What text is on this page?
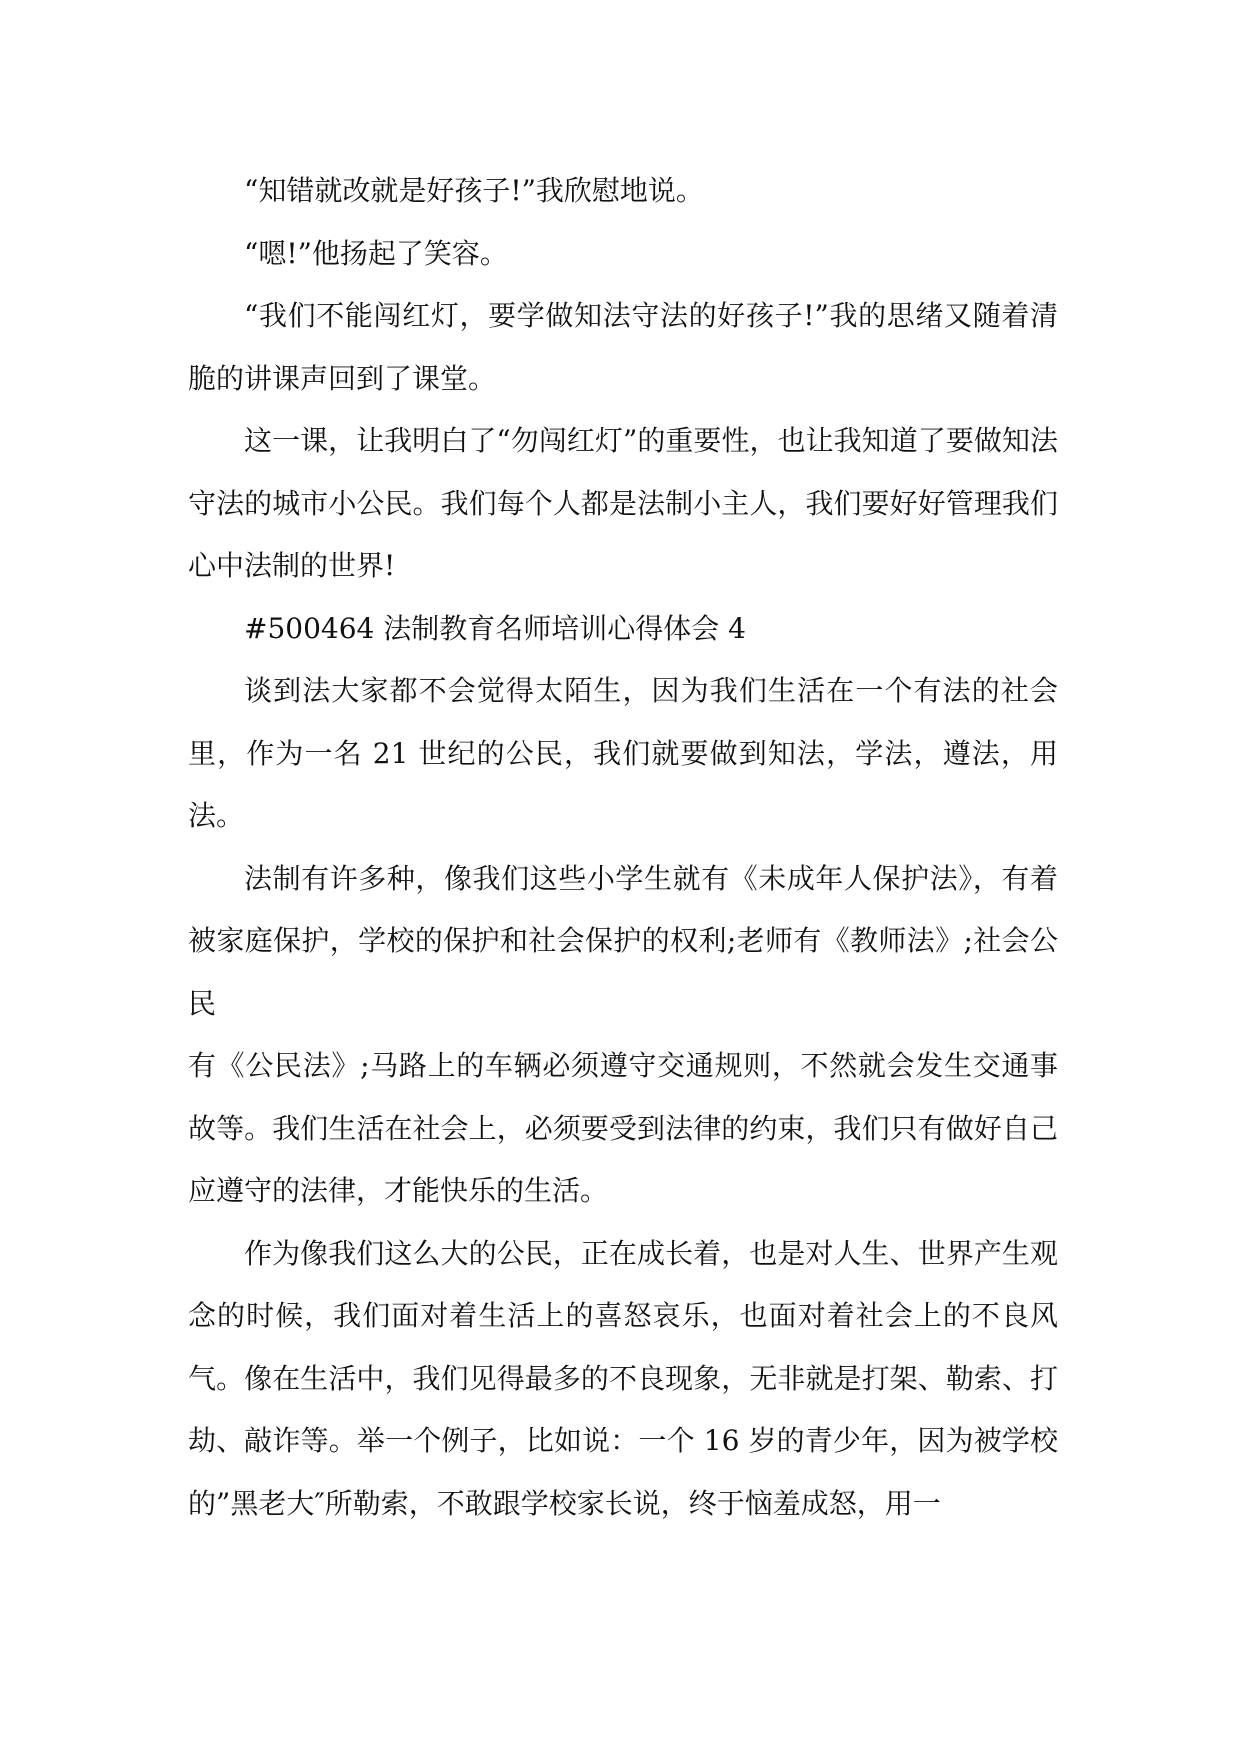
“知错就改就是好孩子!”我欣慰地说。

“嗯!”他扬起了笑容。

“我们不能闯红灯，要学做知法守法的好孩子!”我的思绪又随着清脆的讲课声回到了课堂。

这一课，让我明白了“勿闯红灯”的重要性，也让我知道了要做知法守法的城市小公民。我们每个人都是法制小主人，我们要好好管理我们心中法制的世界!

#500464 法制教育名师培训心得体会 4

谈到法大家都不会觉得太陌生，因为我们生活在一个有法的社会里，作为一名 21 世纪的公民，我们就要做到知法，学法，遵法，用法。

法制有许多种，像我们这些小学生就有《未成年人保护法》，有着被家庭保护，学校的保护和社会保护的权利;老师有《教师法》;社会公民

有《公民法》;马路上的车辆必须遵守交通规则，不然就会发生交通事故等。我们生活在社会上，必须要受到法律的约束，我们只有做好自己应遵守的法律，才能快乐的生活。

作为像我们这么大的公民，正在成长着，也是对人生、世界产生观念的时候，我们面对着生活上的喜怒哀乐，也面对着社会上的不良风气。像在生活中，我们见得最多的不良现象，无非就是打架、勒索、打劫、敲诈等。举一个例子，比如说：一个 16 岁的青少年，因为被学校的”黑老大″所勒索，不敢跟学校家长说，终于恼羞成怒，用一
